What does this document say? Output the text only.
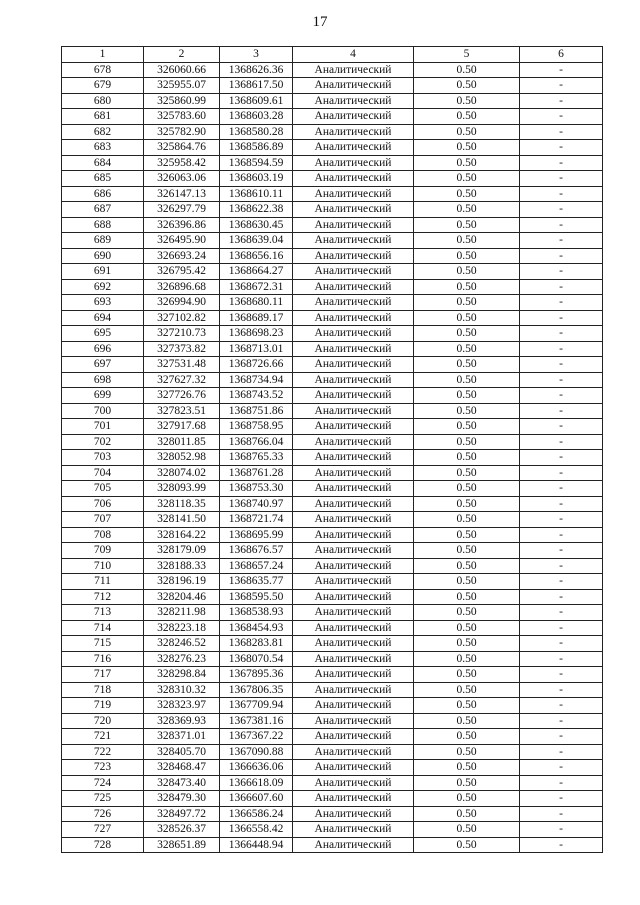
17
1	2	3	4	5	6
678	326060.66	1368626.36	Аналитический	0.50	-
679	325955.07	1368617.50	Аналитический	0.50	-
680	325860.99	1368609.61	Аналитический	0.50	-
681	325783.60	1368603.28	Аналитический	0.50	-
682	325782.90	1368580.28	Аналитический	0.50	-
683	325864.76	1368586.89	Аналитический	0.50	-
684	325958.42	1368594.59	Аналитический	0.50	-
685	326063.06	1368603.19	Аналитический	0.50	-
686	326147.13	1368610.11	Аналитический	0.50	-
687	326297.79	1368622.38	Аналитический	0.50	-
688	326396.86	1368630.45	Аналитический	0.50	-
689	326495.90	1368639.04	Аналитический	0.50	-
690	326693.24	1368656.16	Аналитический	0.50	-
691	326795.42	1368664.27	Аналитический	0.50	-
692	326896.68	1368672.31	Аналитический	0.50	-
693	326994.90	1368680.11	Аналитический	0.50	-
694	327102.82	1368689.17	Аналитический	0.50	-
695	327210.73	1368698.23	Аналитический	0.50	-
696	327373.82	1368713.01	Аналитический	0.50	-
697	327531.48	1368726.66	Аналитический	0.50	-
698	327627.32	1368734.94	Аналитический	0.50	-
699	327726.76	1368743.52	Аналитический	0.50	-
700	327823.51	1368751.86	Аналитический	0.50	-
701	327917.68	1368758.95	Аналитический	0.50	-
702	328011.85	1368766.04	Аналитический	0.50	-
703	328052.98	1368765.33	Аналитический	0.50	-
704	328074.02	1368761.28	Аналитический	0.50	-
705	328093.99	1368753.30	Аналитический	0.50	-
706	328118.35	1368740.97	Аналитический	0.50	-
707	328141.50	1368721.74	Аналитический	0.50	-
708	328164.22	1368695.99	Аналитический	0.50	-
709	328179.09	1368676.57	Аналитический	0.50	-
710	328188.33	1368657.24	Аналитический	0.50	-
711	328196.19	1368635.77	Аналитический	0.50	-
712	328204.46	1368595.50	Аналитический	0.50	-
713	328211.98	1368538.93	Аналитический	0.50	-
714	328223.18	1368454.93	Аналитический	0.50	-
715	328246.52	1368283.81	Аналитический	0.50	-
716	328276.23	1368070.54	Аналитический	0.50	-
717	328298.84	1367895.36	Аналитический	0.50	-
718	328310.32	1367806.35	Аналитический	0.50	-
719	328323.97	1367709.94	Аналитический	0.50	-
720	328369.93	1367381.16	Аналитический	0.50	-
721	328371.01	1367367.22	Аналитический	0.50	-
722	328405.70	1367090.88	Аналитический	0.50	-
723	328468.47	1366636.06	Аналитический	0.50	-
724	328473.40	1366618.09	Аналитический	0.50	-
725	328479.30	1366607.60	Аналитический	0.50	-
726	328497.72	1366586.24	Аналитический	0.50	-
727	328526.37	1366558.42	Аналитический	0.50	-
728	328651.89	1366448.94	Аналитический	0.50	-
